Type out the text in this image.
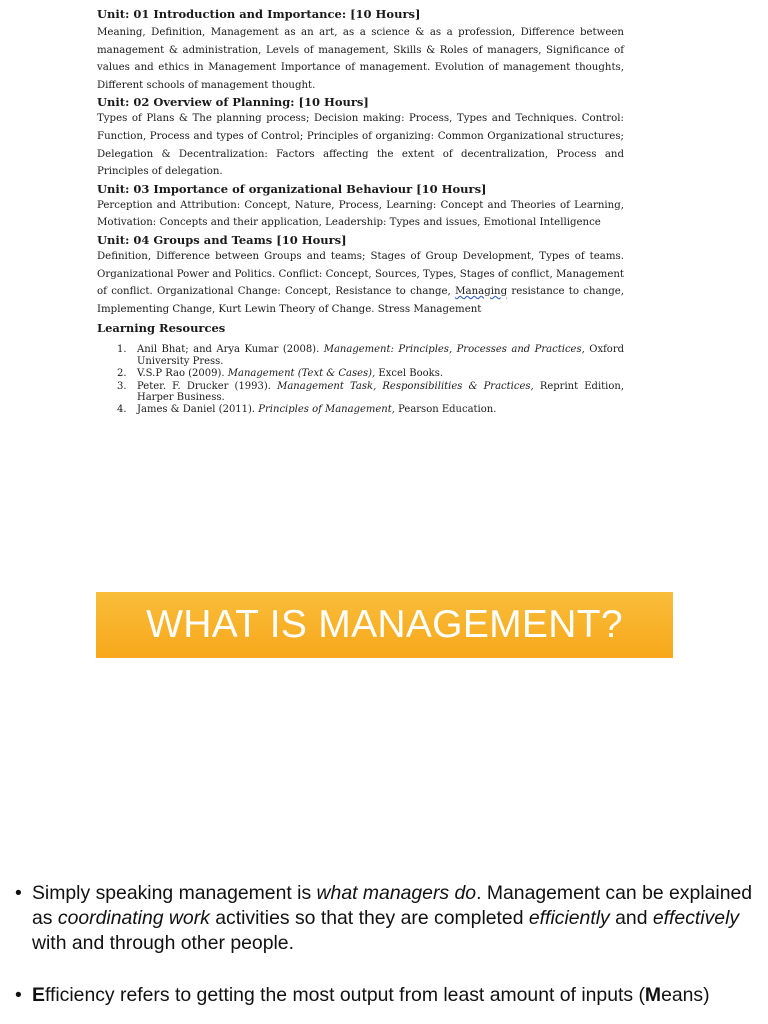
Unit: 01 Introduction and Importance: [10 Hours]

Meaning, Definition, Management as an art, as a science & as a profession, Difference between management & administration, Levels of management, Skills & Roles of managers, Significance of values and ethics in Management Importance of management. Evolution of management thoughts, Different schools of management thought.

Unit: 02 Overview of Planning: [10 Hours]

Types of Plans & The planning process; Decision making: Process, Types and Techniques. Control: Function, Process and types of Control; Principles of organizing: Common Organizational structures; Delegation & Decentralization: Factors affecting the extent of decentralization, Process and Principles of delegation.

Unit: 03 Importance of organizational Behaviour [10 Hours]

Perception and Attribution: Concept, Nature, Process, Learning: Concept and Theories of Learning, Motivation: Concepts and their application, Leadership: Types and issues, Emotional Intelligence

Unit: 04 Groups and Teams [10 Hours]

Definition, Difference between Groups and teams; Stages of Group Development, Types of teams. Organizational Power and Politics. Conflict: Concept, Sources, Types, Stages of conflict, Management of conflict. Organizational Change: Concept, Resistance to change, Managing resistance to change, Implementing Change, Kurt Lewin Theory of Change. Stress Management

Learning Resources

1. Anil Bhat; and Arya Kumar (2008). Management: Principles, Processes and Practices, Oxford University Press.
2. V.S.P Rao (2009). Management (Text & Cases), Excel Books.
3. Peter. F. Drucker (1993). Management Task, Responsibilities & Practices, Reprint Edition, Harper Business.
4. James & Daniel (2011). Principles of Management, Pearson Education.
WHAT IS MANAGEMENT?

• Simply speaking management is what managers do. Management can be explained as coordinating work activities so that they are completed efficiently and effectively with and through other people.

• Efficiency refers to getting the most output from least amount of inputs (Means)
